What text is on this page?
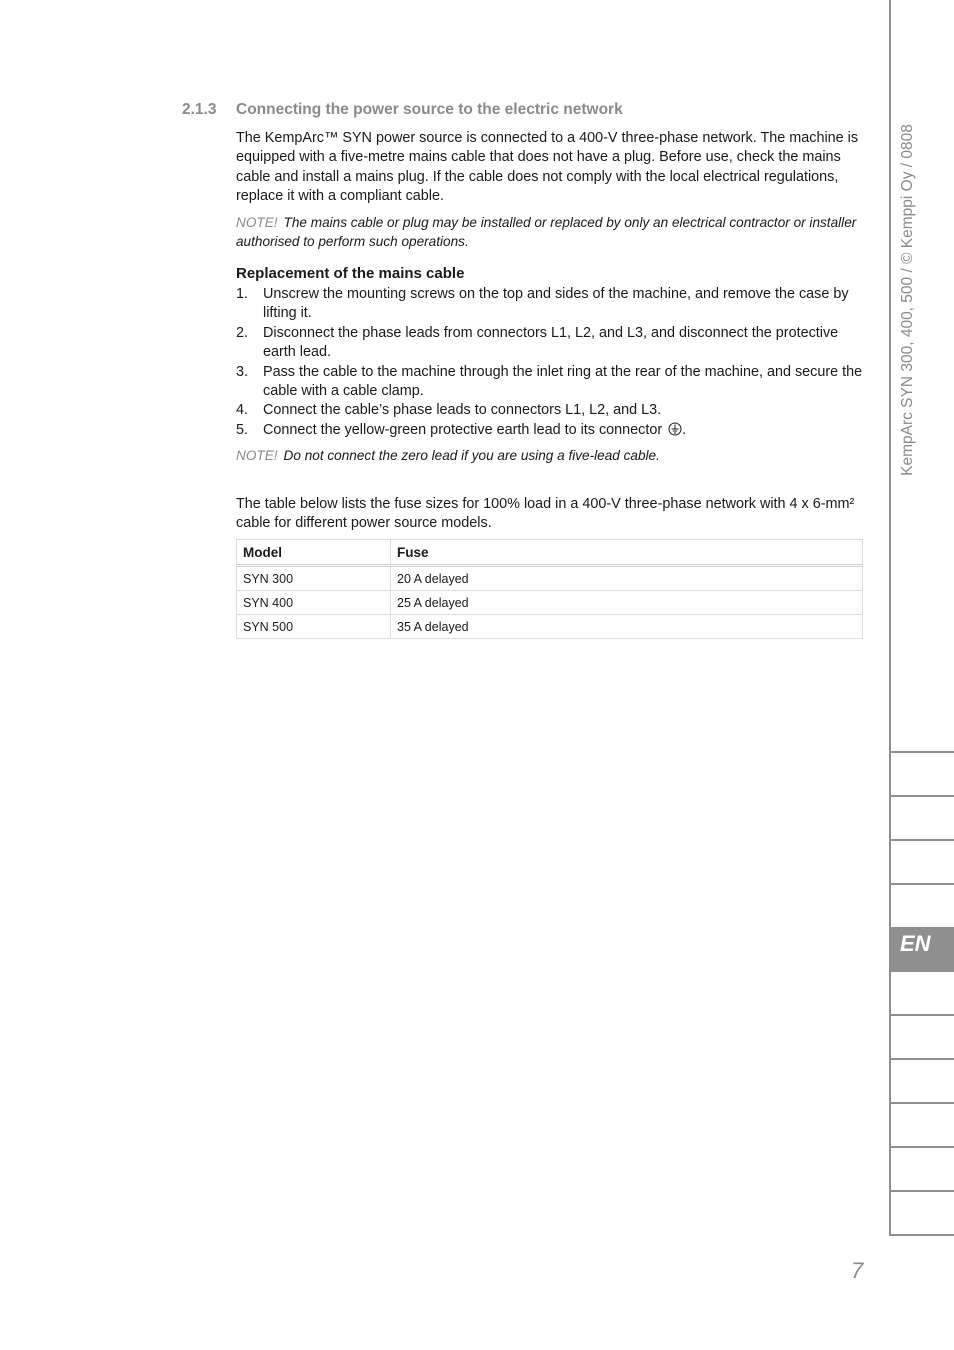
2.1.3 Connecting the power source to the electric network

The KempArc™ SYN power source is connected to a 400-V three-phase network. The machine is equipped with a five-metre mains cable that does not have a plug. Before use, check the mains cable and install a mains plug. If the cable does not comply with the local electrical regulations, replace it with a compliant cable.

NOTE! The mains cable or plug may be installed or replaced by only an electrical contractor or installer authorised to perform such operations.

Replacement of the mains cable
1.	Unscrew the mounting screws on the top and sides of the machine, and remove the case by lifting it.
2.	Disconnect the phase leads from connectors L1, L2, and L3, and disconnect the protective earth lead.
3.	Pass the cable to the machine through the inlet ring at the rear of the machine, and secure the cable with a cable clamp.
4.	Connect the cable’s phase leads to connectors L1, L2, and L3.
5.	Connect the yellow-green protective earth lead to its connector .

NOTE! Do not connect the zero lead if you are using a five-lead cable.

The table below lists the fuse sizes for 100% load in a 400-V three-phase network with 4 x 6-mm² cable for different power source models.

Model	Fuse
SYN 300	20 A delayed
SYN 400	25 A delayed
SYN 500	35 A delayed
EN
KempArc SYN 300, 400, 500 / © Kemppi Oy / 0808
7
